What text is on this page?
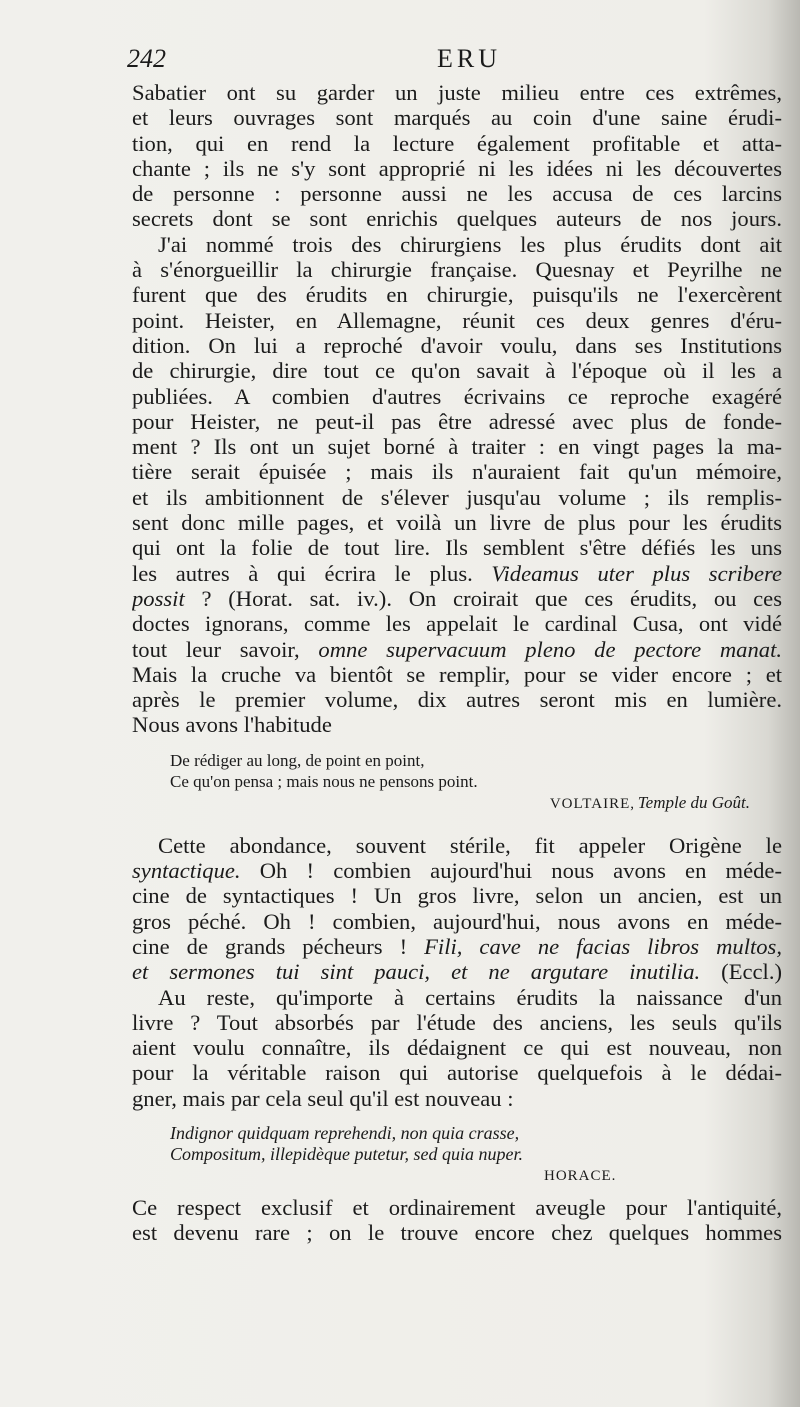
242	ERU
Sabatier ont su garder un juste milieu entre ces extrêmes,
et leurs ouvrages sont marqués au coin d'une saine érudi-
tion, qui en rend la lecture également profitable et atta-
chante ; ils ne s'y sont approprié ni les idées ni les découvertes
de personne : personne aussi ne les accusa de ces larcins
secrets dont se sont enrichis quelques auteurs de nos jours.
J'ai nommé trois des chirurgiens les plus érudits dont ait
à s'énorgueillir la chirurgie française. Quesnay et Peyrilhe ne
furent que des érudits en chirurgie, puisqu'ils ne l'exercèrent
point. Heister, en Allemagne, réunit ces deux genres d'éru-
dition. On lui a reproché d'avoir voulu, dans ses Institutions
de chirurgie, dire tout ce qu'on savait à l'époque où il les a
publiées. A combien d'autres écrivains ce reproche exagéré
pour Heister, ne peut-il pas être adressé avec plus de fonde-
ment ? Ils ont un sujet borné à traiter : en vingt pages la ma-
tière serait épuisée ; mais ils n'auraient fait qu'un mémoire,
et ils ambitionnent de s'élever jusqu'au volume ; ils remplis-
sent donc mille pages, et voilà un livre de plus pour les érudits
qui ont la folie de tout lire. Ils semblent s'être défiés les uns
les autres à qui écrira le plus. Videamus uter plus scribere
possit ? (Horat. sat. iv.). On croirait que ces érudits, ou ces
doctes ignorans, comme les appelait le cardinal Cusa, ont vidé
tout leur savoir, omne supervacuum pleno de pectore manat.
Mais la cruche va bientôt se remplir, pour se vider encore ; et
après le premier volume, dix autres seront mis en lumière.
Nous avons l'habitude
De rédiger au long, de point en point,
Ce qu'on pensa ; mais nous ne pensons point.
VOLTAIRE, Temple du Goût.
Cette abondance, souvent stérile, fit appeler Origène le
syntactique. Oh ! combien aujourd'hui nous avons en méde-
cine de syntactiques ! Un gros livre, selon un ancien, est un
gros péché. Oh ! combien, aujourd'hui, nous avons en méde-
cine de grands pécheurs ! Fili, cave ne facias libros multos,
et sermones tui sint pauci, et ne argutare inutilia. (Eccl.)
Au reste, qu'importe à certains érudits la naissance d'un
livre ? Tout absorbés par l'étude des anciens, les seuls qu'ils
aient voulu connaître, ils dédaignent ce qui est nouveau, non
pour la véritable raison qui autorise quelquefois à le dédai-
gner, mais par cela seul qu'il est nouveau :
Indignor quidquam reprehendi, non quia crasse,
Compositum, illepidèque putetur, sed quia nuper.
HORACE.
Ce respect exclusif et ordinairement aveugle pour l'antiquité,
est devenu rare ; on le trouve encore chez quelques hommes
